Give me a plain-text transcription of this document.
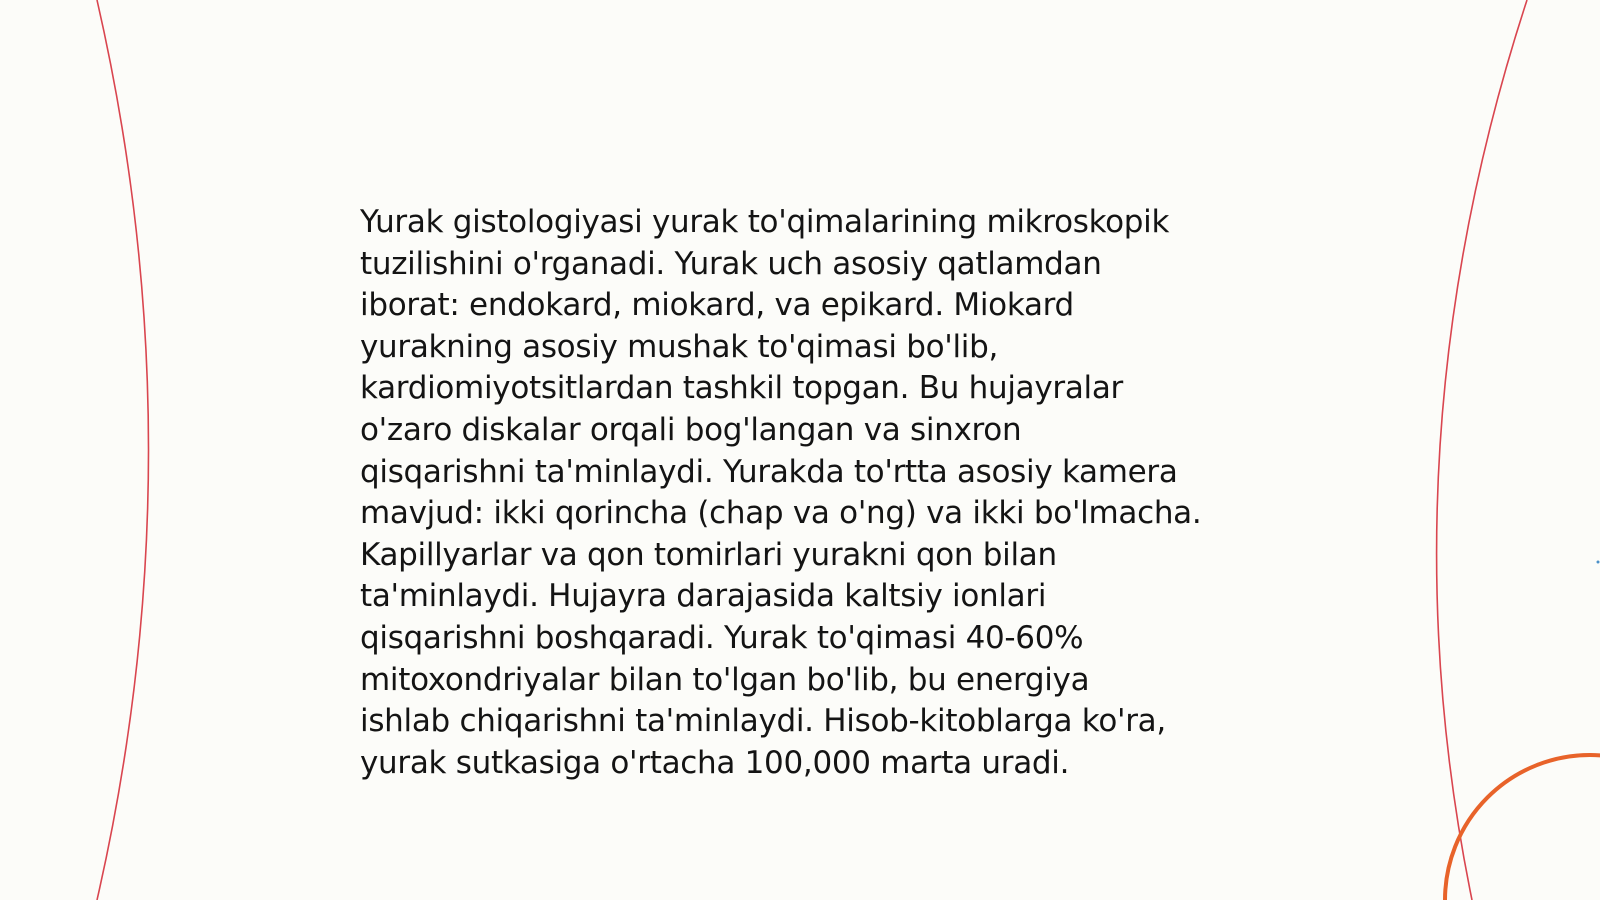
Yurak gistologiyasi yurak to'qimalarining mikroskopik
tuzilishini o'rganadi. Yurak uch asosiy qatlamdan
iborat: endokard, miokard, va epikard. Miokard
yurakning asosiy mushak to'qimasi bo'lib,
kardiomiyotsitlardan tashkil topgan. Bu hujayralar
o'zaro diskalar orqali bog'langan va sinxron
qisqarishni ta'minlaydi. Yurakda to'rtta asosiy kamera
mavjud: ikki qorincha (chap va o'ng) va ikki bo'lmacha.
Kapillyarlar va qon tomirlari yurakni qon bilan
ta'minlaydi. Hujayra darajasida kaltsiy ionlari
qisqarishni boshqaradi. Yurak to'qimasi 40-60%
mitoxondriyalar bilan to'lgan bo'lib, bu energiya
ishlab chiqarishni ta'minlaydi. Hisob-kitoblarga ko'ra,
yurak sutkasiga o'rtacha 100,000 marta uradi.
